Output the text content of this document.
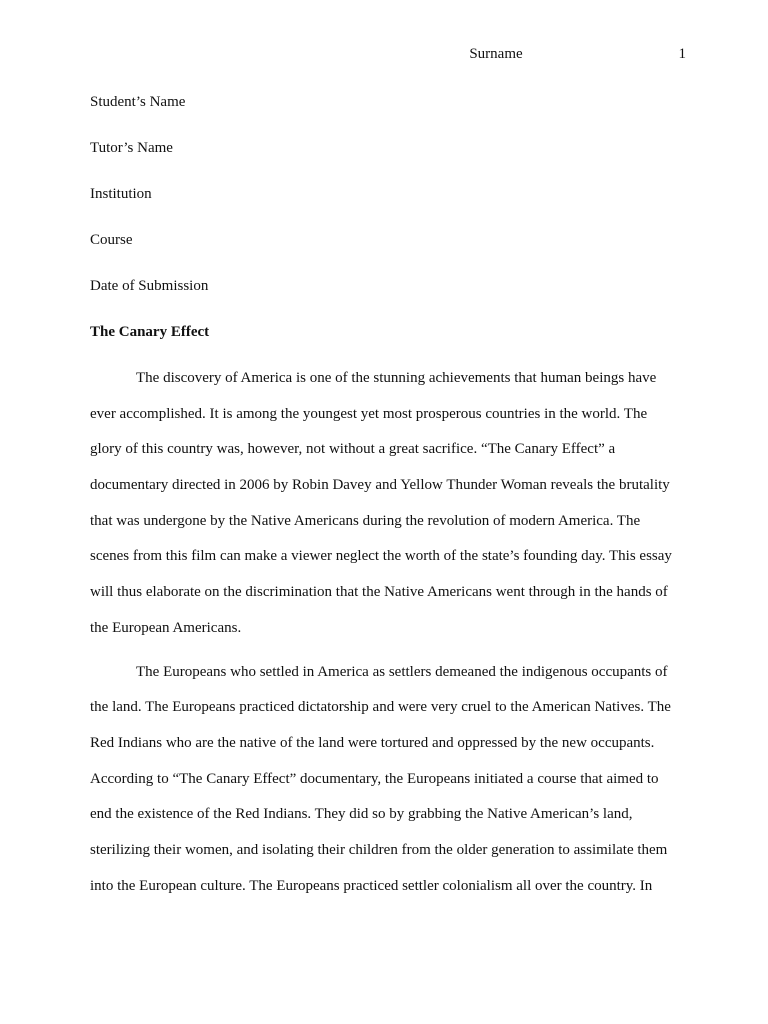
Surname	1
Student’s Name
Tutor’s Name
Institution
Course
Date of Submission
The Canary Effect
The discovery of America is one of the stunning achievements that human beings have
ever accomplished. It is among the youngest yet most prosperous countries in the world. The
glory of this country was, however, not without a great sacrifice. “The Canary Effect” a
documentary directed in 2006 by Robin Davey and Yellow Thunder Woman reveals the brutality
that was undergone by the Native Americans during the revolution of modern America. The
scenes from this film can make a viewer neglect the worth of the state’s founding day. This essay
will thus elaborate on the discrimination that the Native Americans went through in the hands of
the European Americans.
The Europeans who settled in America as settlers demeaned the indigenous occupants of
the land. The Europeans practiced dictatorship and were very cruel to the American Natives. The
Red Indians who are the native of the land were tortured and oppressed by the new occupants.
According to “The Canary Effect” documentary, the Europeans initiated a course that aimed to
end the existence of the Red Indians. They did so by grabbing the Native American’s land,
sterilizing their women, and isolating their children from the older generation to assimilate them
into the European culture. The Europeans practiced settler colonialism all over the country. In
